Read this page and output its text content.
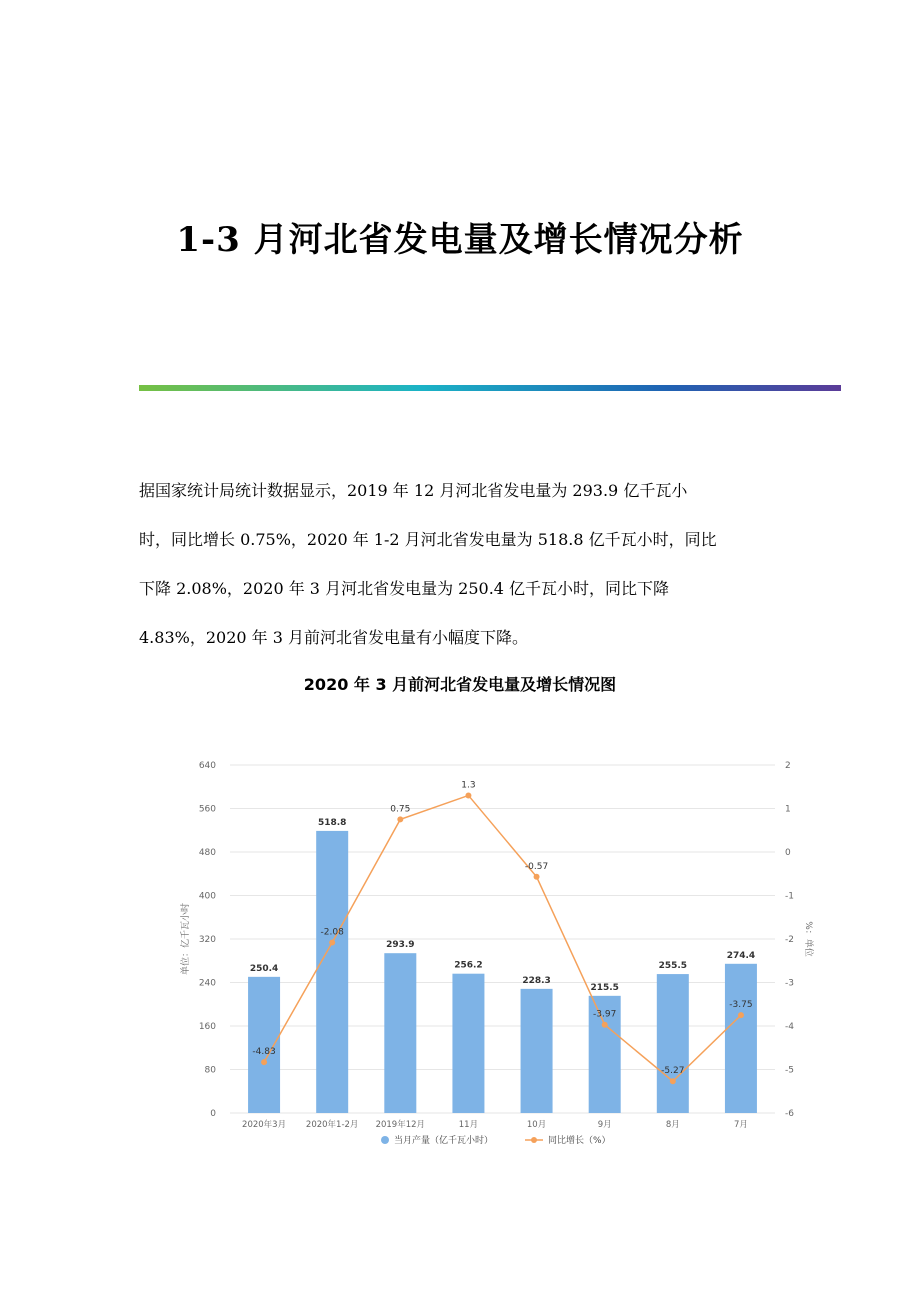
1-3 月河北省发电量及增长情况分析
据国家统计局统计数据显示，2019 年 12 月河北省发电量为 293.9 亿千瓦小
时，同比增长 0.75%，2020 年 1-2 月河北省发电量为 518.8 亿千瓦小时，同比
下降 2.08%，2020 年 3 月河北省发电量为 250.4 亿千瓦小时，同比下降
4.83%，2020 年 3 月前河北省发电量有小幅度下降。
2020 年 3 月前河北省发电量及增长情况图
0
80
160
240
320
400
480
560
640
-6
-5
-4
-3
-2
-1
0
1
2
单位：亿千瓦小时	%：单位
250.4
2020年3月
518.8
2020年1-2月
293.9
2019年12月
256.2
11月
228.3
10月
215.5
9月
255.5
8月
274.4
7月
-4.83
-2.08
0.75
1.3
-0.57
-3.97
-5.27
-3.75
当月产量（亿千瓦小时）	同比增长（%）
